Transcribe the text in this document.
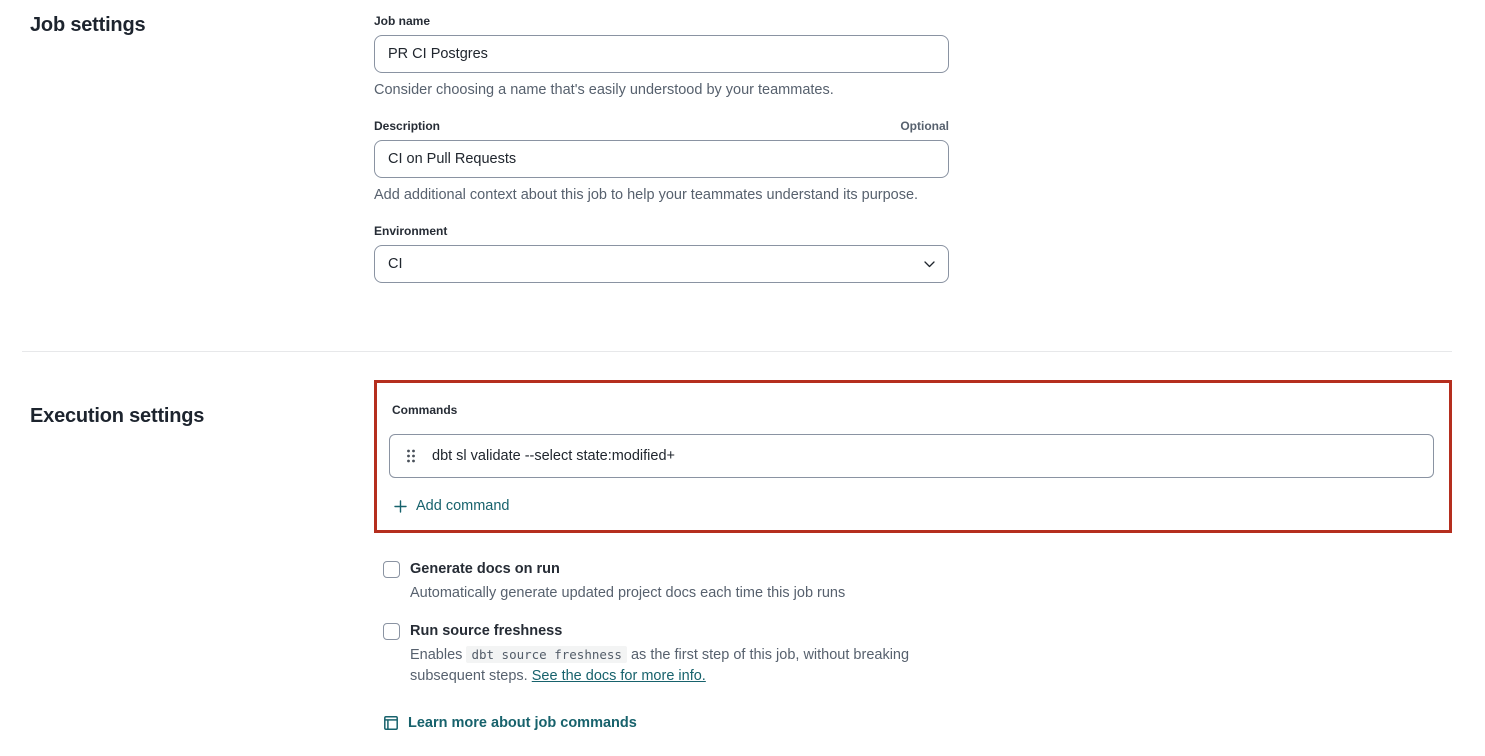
Job settings	Job name
PR CI Postgres
Consider choosing a name that's easily understood by your teammates.
Description	Optional
CI on Pull Requests
Add additional context about this job to help your teammates understand its purpose.
Environment
CI
Execution settings	Commands
dbt sl validate --select state:modified+
Add command
Generate docs on run
Automatically generate updated project docs each time this job runs
Run source freshness
Enables dbt source freshness as the first step of this job, without breaking subsequent steps. See the docs for more info.
Learn more about job commands
